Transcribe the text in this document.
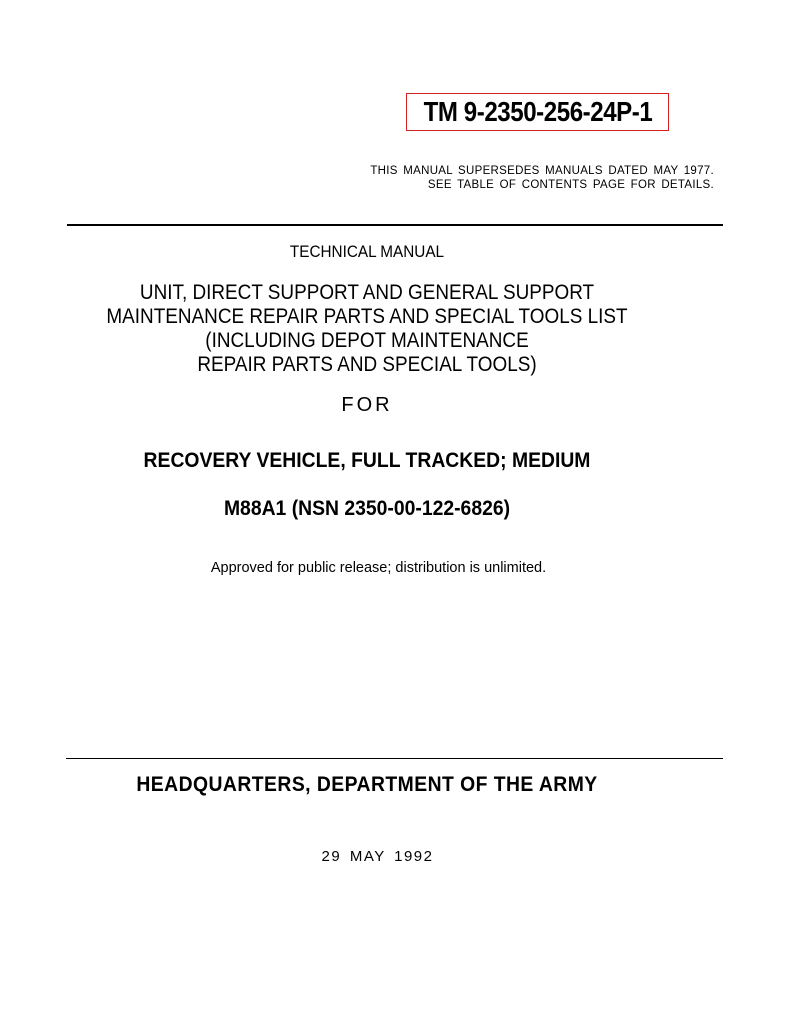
TM 9-2350-256-24P-1
THIS MANUAL SUPERSEDES MANUALS DATED MAY 1977.
SEE TABLE OF CONTENTS PAGE FOR DETAILS.
TECHNICAL MANUAL
UNIT, DIRECT SUPPORT AND GENERAL SUPPORT
MAINTENANCE REPAIR PARTS AND SPECIAL TOOLS LIST
(INCLUDING DEPOT MAINTENANCE
REPAIR PARTS AND SPECIAL TOOLS)
FOR
RECOVERY VEHICLE, FULL TRACKED; MEDIUM
M88A1 (NSN 2350-00-122-6826)
Approved for public release; distribution is unlimited.
HEADQUARTERS, DEPARTMENT OF THE ARMY
29 MAY 1992
